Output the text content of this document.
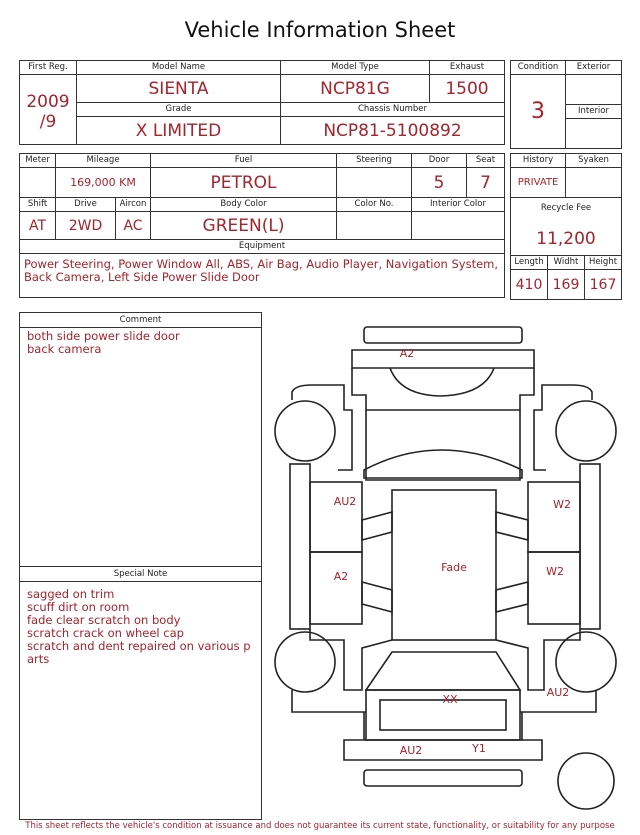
Vehicle Information Sheet
First Reg.
2009
/9	Model Name	Model Type	Exhaust
	SIENTA	NCP81G	1500
	Grade	Chassis Number	
	X LIMITED	NCP81-5100892	
Condition	Exterior
3	
	Interior

Meter	Mileage		Fuel	Steering	Door	Seat
	169,000 KM		PETROL		5	7
Shift	Drive	Aircon	Body Color	Color No.	Interior Color	
AT	2WD	AC	GREEN(L)			
Equipment						

Power Steering, Power Window All, ABS, Air Bag, Audio Player, Navigation System, Back Camera, Left Side Power Slide Door						
History		Syaken	
PRIVATE			

Recycle Fee
11,200			

Length	Widht		Height
410	169		167
Comment
both side power slide door
back camera
Special Note
sagged on trim
scuff dirt on room
fade clear scratch on body
scratch crack on wheel cap
scratch and dent repaired on various p
arts
A2
AU2
A2
Fade
W2
W2
AU2
XX
AU2	Y1
This sheet reflects the vehicle's condition at issuance and does not guarantee its current state, functionality, or suitability for any purpose
